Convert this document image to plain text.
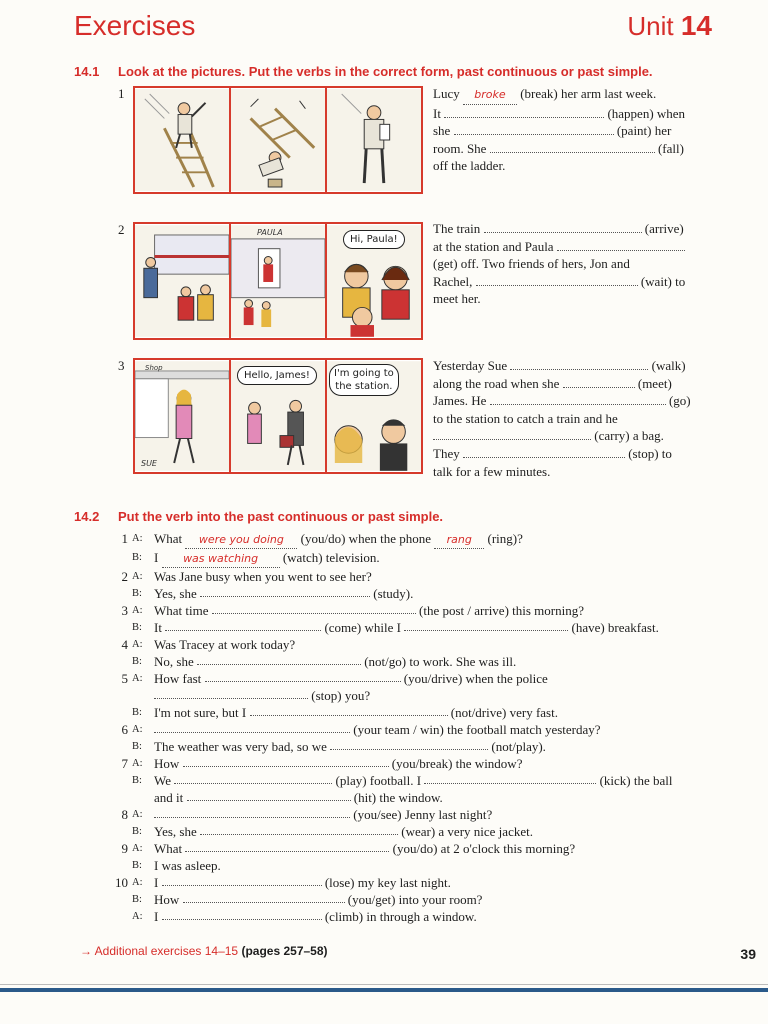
Exercises	Unit 14
14.1 Look at the pictures. Put the verbs in the correct form, past continuous or past simple.
1	Lucy broke (break) her arm last week.

It	(happen) when

she	(paint) her

room. She	(fall)

off the ladder.

2	PAULA
Hi, Paula!

The train	(arrive)

at the station and Paula

(get) off. Two friends of hers, Jon and

Rachel,	(wait) to

meet her.

3	Shop
SUE
Hello, James!	I'm going to
the station.

Yesterday Sue	(walk)

along the road when she	(meet)

James. He	(go)

to the station to catch a train and he

(carry) a bag.

They	(stop) to

talk for a few minutes.

14.2 Put the verb into the past continuous or past simple.
1 A: What
	were you doing
	(you/do) when the phone
	rang
	(ring)?
B: I
	was watching
	(watch) television.
2 A: Was Jane busy when you went to see her?
B: Yes, she

	(study).
3 A: What time

	(the post / arrive) this morning?
B: It

	(come) while I

	(have) breakfast.
4 A: Was Tracey at work today?
B: No, she

	(not/go) to work. She was ill.
5 A: How fast

	(you/drive) when the police

(stop) you?
B: I'm not sure, but I

	(not/drive) very fast.
6 A:
	(your team / win) the football match yesterday?
B: The weather was very bad, so we

	(not/play).
7 A: How

	(you/break) the window?
B: We

	(play) football. I

	(kick) the ball
and it

	(hit) the window.
8 A:
	(you/see) Jenny last night?
B: Yes, she

	(wear) a very nice jacket.
9 A: What

	(you/do) at 2 o'clock this morning?
B: I was asleep.
10 A: I

	(lose) my key last night.
B: How

	(you/get) into your room?
A: I

	(climb) in through a window.
→ Additional exercises 14–15 (pages 257–58)	39
